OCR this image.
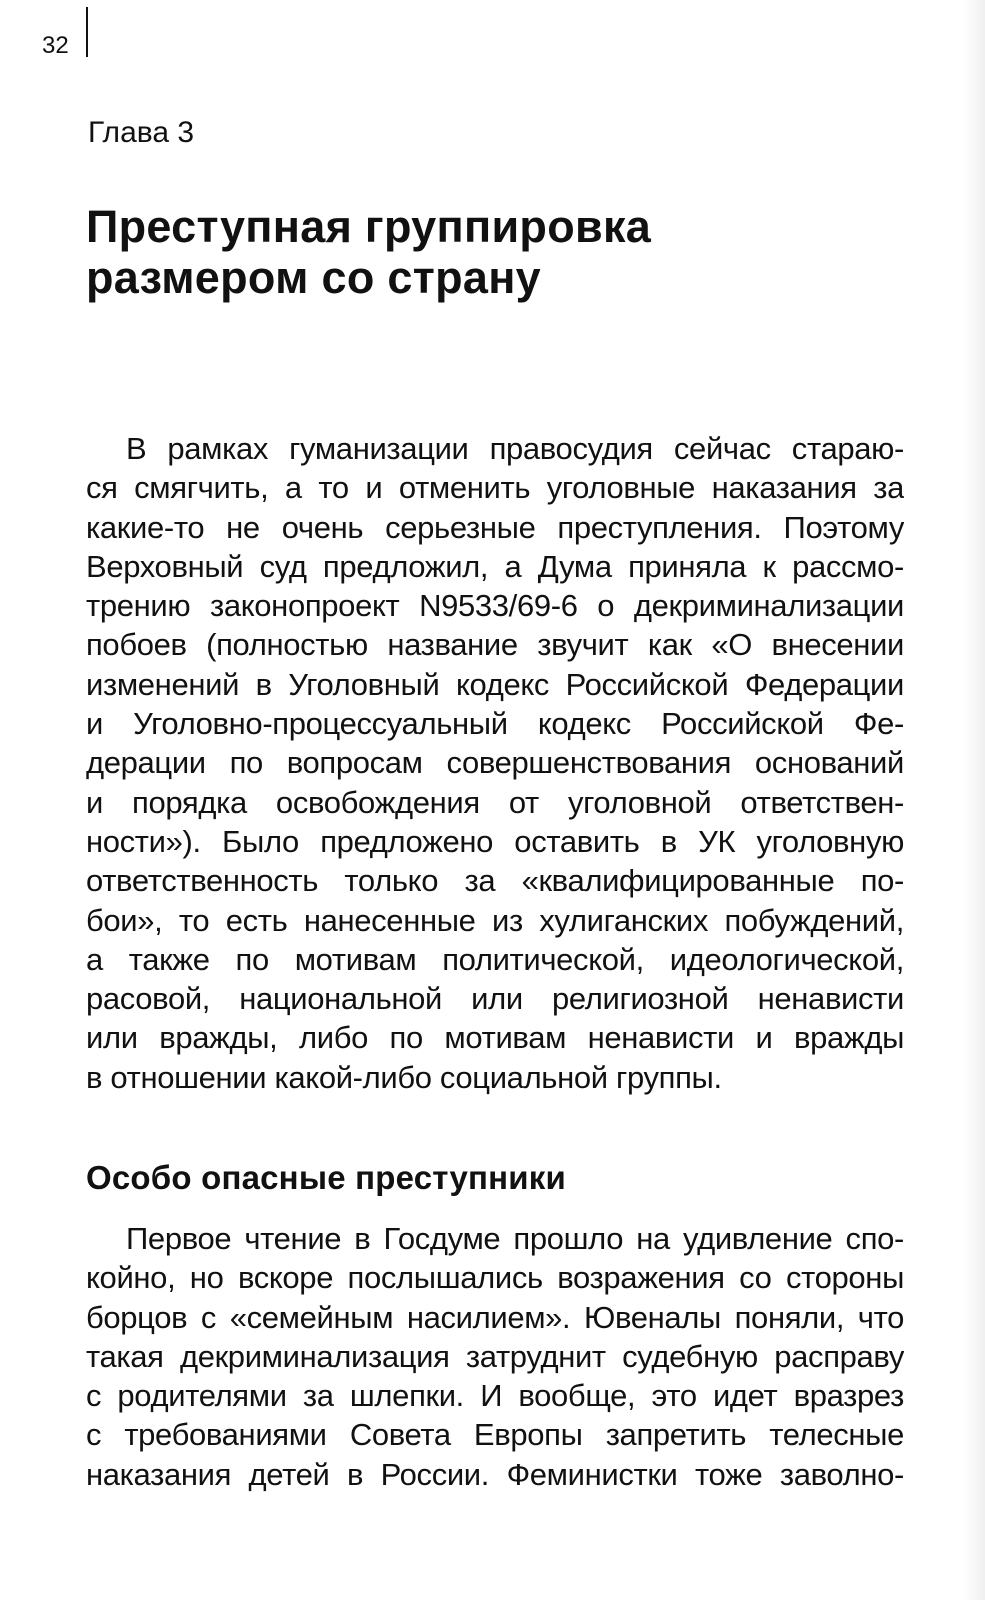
32
Глава 3
Преступная группировка
размером со страну
В рамках гуманизации правосудия сейчас стараю-
ся смягчить, а то и отменить уголовные наказания за
какие-то не очень серьезные преступления. Поэтому
Верховный суд предложил, а Дума приняла к рассмо-
трению законопроект N9533/69-6 о декриминализации
побоев (полностью название звучит как «О внесении
изменений в Уголовный кодекс Российской Федерации
и Уголовно-процессуальный кодекс Российской Фе-
дерации по вопросам совершенствования оснований
и порядка освобождения от уголовной ответствен-
ности»). Было предложено оставить в УК уголовную
ответственность только за «квалифицированные по-
бои», то есть нанесенные из хулиганских побуждений,
а также по мотивам политической, идеологической,
расовой, национальной или религиозной ненависти
или вражды, либо по мотивам ненависти и вражды
в отношении какой-либо социальной группы.
Особо опасные преступники
Первое чтение в Госдуме прошло на удивление спо-
койно, но вскоре послышались возражения со стороны
борцов с «семейным насилием». Ювеналы поняли, что
такая декриминализация затруднит судебную расправу
с родителями за шлепки. И вообще, это идет вразрез
с требованиями Совета Европы запретить телесные
наказания детей в России. Феминистки тоже заволно-
